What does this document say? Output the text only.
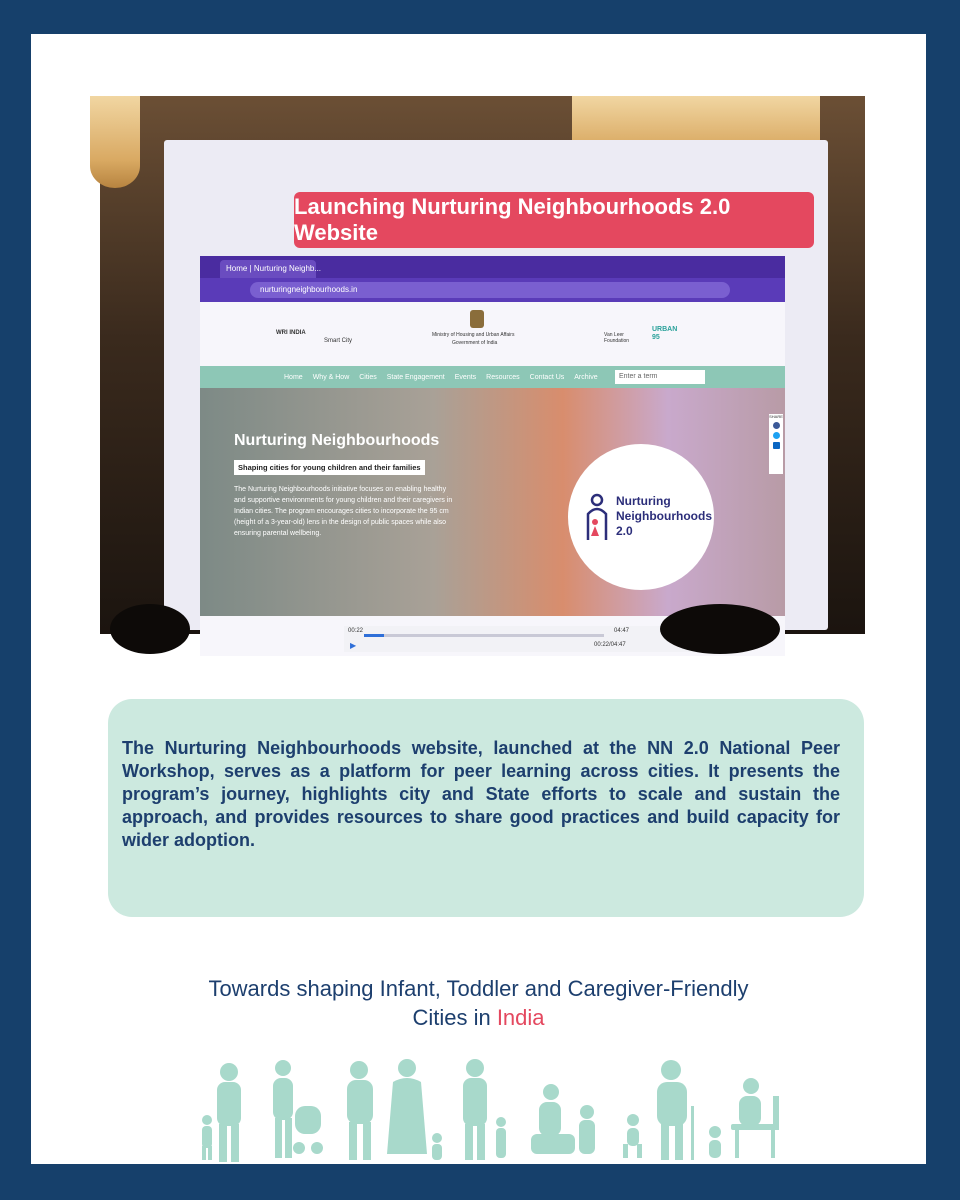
Launching Nurturing Neighbourhoods 2.0 Website
Home | Nurturing Neighb...
nurturingneighbourhoods.in
WRI INDIA
Smart City
Ministry of Housing and Urban Affairs
Government of India
Van Leer Foundation
URBAN 95
Home Why & How Cities State Engagement Events Resources Contact Us Archive	Enter a term
Nurturing Neighbourhoods
Shaping cities for young children and their families
The Nurturing Neighbourhoods initiative focuses on enabling healthy and supportive environments for young children and their caregivers in Indian cities. The program encourages cities to incorporate the 95 cm (height of a 3-year-old) lens in the design of public spaces while also ensuring parental wellbeing.
Nurturing
Neighbourhoods
2.0
SHARE
00:22	04:47
▶	00:22/04:47

The Nurturing Neighbourhoods website, launched at the NN 2.0 National Peer Workshop, serves as a platform for peer learning across cities. It presents the program’s journey, highlights city and State efforts to scale and sustain the approach, and provides resources to share good practices and build capacity for wider adoption.

Towards shaping Infant, Toddler and Caregiver-Friendly
Cities in India
